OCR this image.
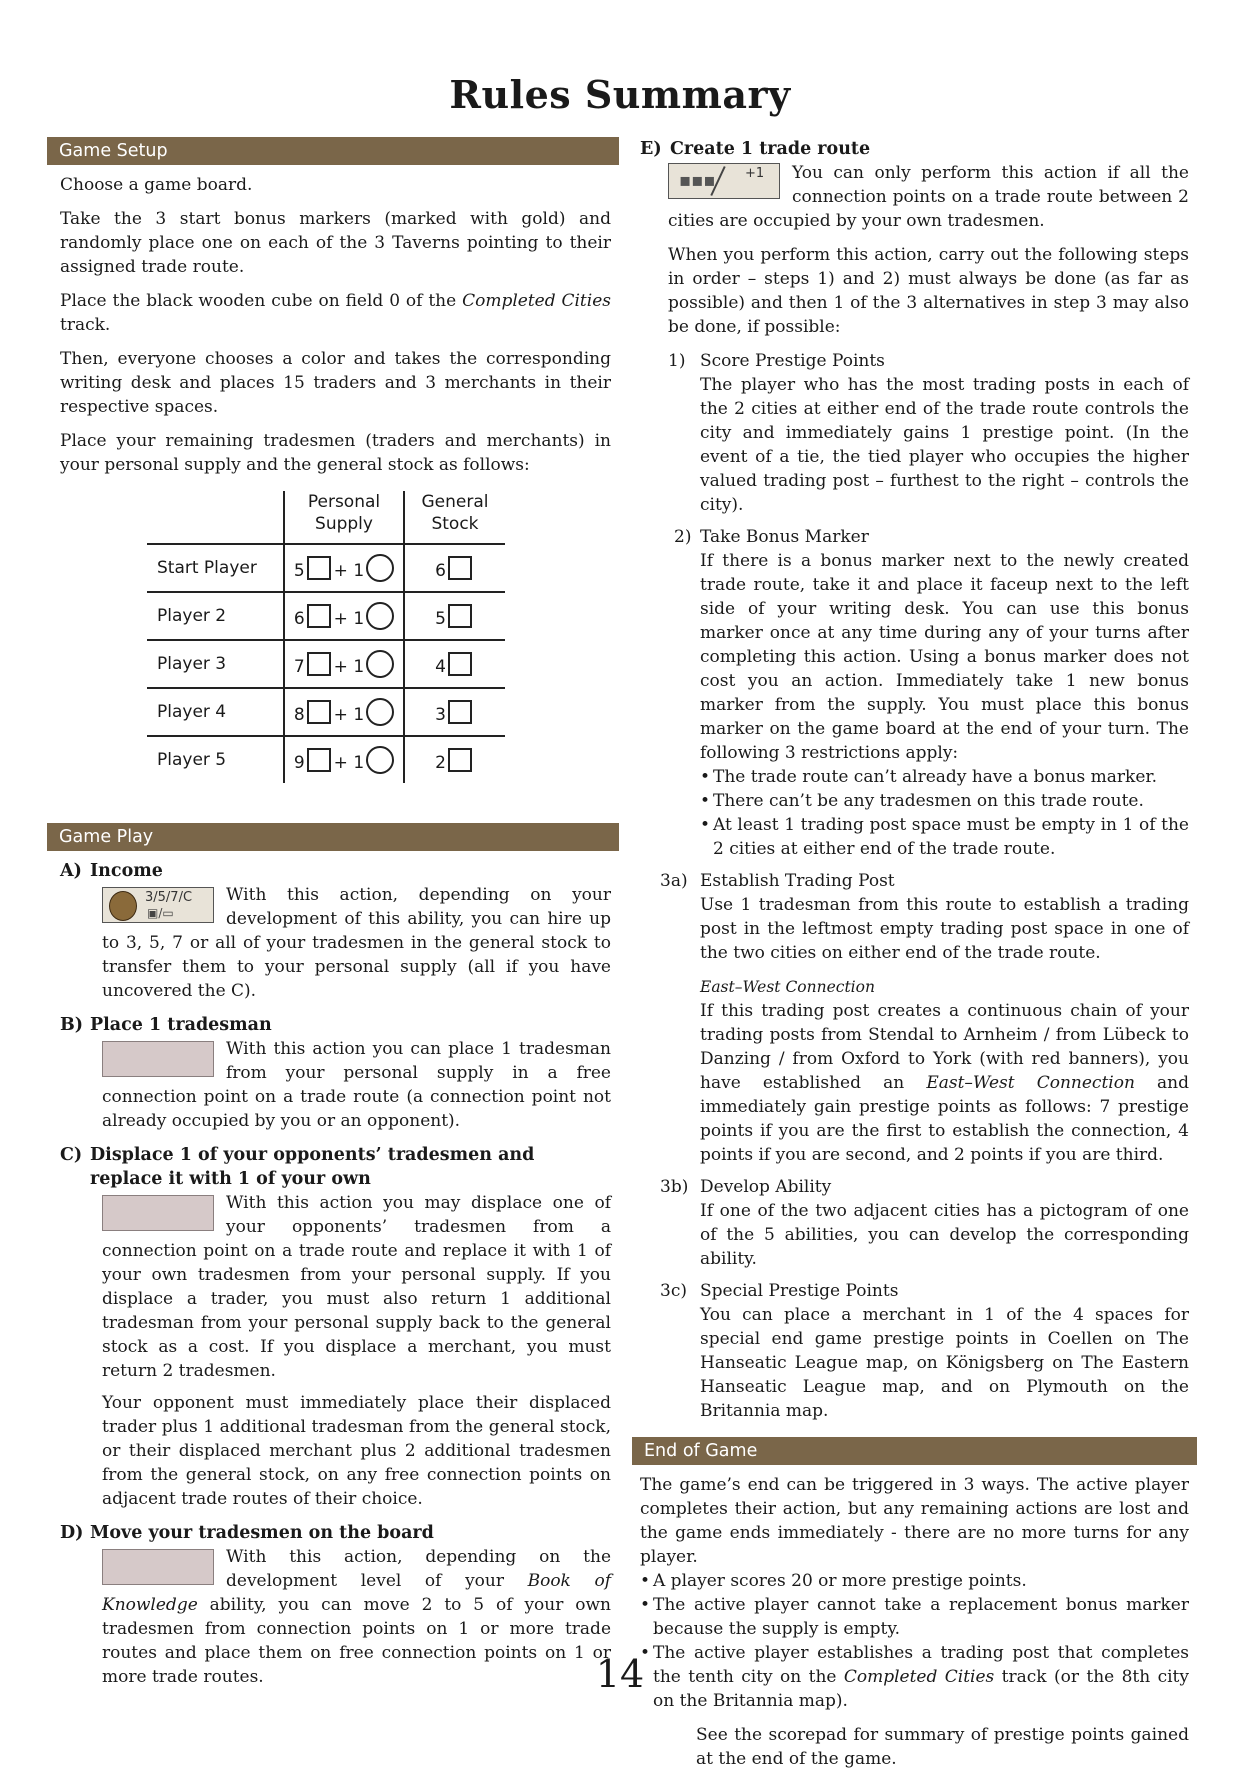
Rules Summary
Game Setup

Choose a game board.

Take the 3 start bonus markers (marked with gold) and randomly place one on each of the 3 Taverns pointing to their assigned trade route.

Place the black wooden cube on field 0 of the Completed Cities track.

Then, everyone chooses a color and takes the corresponding writing desk and places 15 traders and 3 merchants in their respective spaces.

Place your remaining tradesmen (traders and merchants) in your personal supply and the general stock as follows:

	Personal Supply	General Stock
Start Player	5 + 1	6
Player 2	6 + 1	5
Player 3	7 + 1	4
Player 4	8 + 1	3
Player 5	9 + 1	2
Game Play
A) Income
3/5/7/C
▣/▭

With this action, depending on your development of this ability, you can hire up to 3, 5, 7 or all of your tradesmen in the general stock to transfer them to your personal supply (all if you have uncovered the C).

B) Place 1 tradesman

With this action you can place 1 tradesman from your personal supply in a free connection point on a trade route (a connection point not already occupied by you or an opponent).

C) Displace 1 of your opponents’ tradesmen and replace it with 1 of your own

With this action you may displace one of your opponents’ tradesmen from a connection point on a trade route and replace it with 1 of your own tradesmen from your personal supply. If you displace a trader, you must also return 1 additional tradesman from your personal supply back to the general stock as a cost. If you displace a merchant, you must return 2 tradesmen.

Your opponent must immediately place their displaced trader plus 1 additional tradesman from the general stock, or their displaced merchant plus 2 additional tradesmen from the general stock, on any free connection points on adjacent trade routes of their choice.

D) Move your tradesmen on the board

With this action, depending on the development level of your Book of Knowledge ability, you can move 2 to 5 of your own tradesmen from connection points on 1 or more trade routes and place them on free connection points on 1 or more trade routes.

E) Create 1 trade route
▪▪▪ +1	You can only perform this action if all the connection points on a trade route between 2 cities are occupied by your own tradesmen.

When you perform this action, carry out the following steps in order – steps 1) and 2) must always be done (as far as possible) and then 1 of the 3 alternatives in step 3 may also be done, if possible:

1) Score Prestige Points
The player who has the most trading posts in each of the 2 cities at either end of the trade route controls the city and immediately gains 1 prestige point. (In the event of a tie, the tied player who occupies the higher valued trading post – furthest to the right – controls the city).
2) Take Bonus Marker
If there is a bonus marker next to the newly created trade route, take it and place it faceup next to the left side of your writing desk. You can use this bonus marker once at any time during any of your turns after completing this action. Using a bonus marker does not cost you an action. Immediately take 1 new bonus marker from the supply. You must place this bonus marker on the game board at the end of your turn. The following 3 restrictions apply:
• The trade route can’t already have a bonus marker.
• There can’t be any tradesmen on this trade route.
• At least 1 trading post space must be empty in 1 of the 2 cities at either end of the trade route.
3a) Establish Trading Post
Use 1 tradesman from this route to establish a trading post in the leftmost empty trading post space in one of the two cities on either end of the trade route.
East–West Connection
If this trading post creates a continuous chain of your trading posts from Stendal to Arnheim / from Lübeck to Danzing / from Oxford to York (with red banners), you have established an East–West Connection and immediately gain prestige points as follows: 7 prestige points if you are the first to establish the connection, 4 points if you are second, and 2 points if you are third.
3b) Develop Ability
If one of the two adjacent cities has a pictogram of one of the 5 abilities, you can develop the corresponding ability.
3c) Special Prestige Points
You can place a merchant in 1 of the 4 spaces for special end game prestige points in Coellen on The Hanseatic League map, on Königsberg on The Eastern Hanseatic League map, and on Plymouth on the Britannia map.
End of Game

The game’s end can be triggered in 3 ways. The active player completes their action, but any remaining actions are lost and the game ends immediately - there are no more turns for any player.

• A player scores 20 or more prestige points.
• The active player cannot take a replacement bonus marker because the supply is empty.
• The active player establishes a trading post that completes the tenth city on the Completed Cities track (or the 8th city on the Britannia map).

See the scorepad for summary of prestige points gained at the end of the game.

14
